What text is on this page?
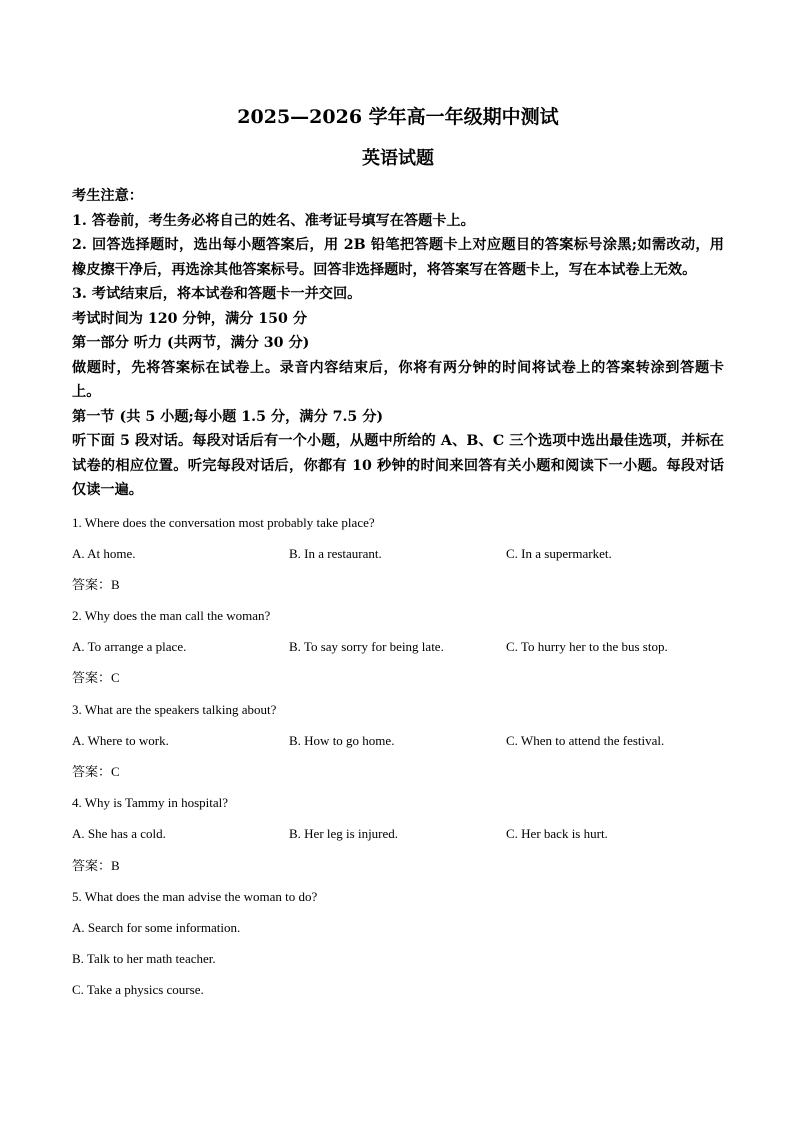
2025—2026 学年高一年级期中测试
英语试题

考生注意：

1. 答卷前，考生务必将自己的姓名、准考证号填写在答题卡上。

2. 回答选择题时，选出每小题答案后，用 2B 铅笔把答题卡上对应题目的答案标号涂黑;如需改动，用橡皮擦干净后，再选涂其他答案标号。回答非选择题时，将答案写在答题卡上，写在本试卷上无效。

3. 考试结束后，将本试卷和答题卡一并交回。

考试时间为 120 分钟，满分 150 分

第一部分 听力 (共两节，满分 30 分)

做题时，先将答案标在试卷上。录音内容结束后，你将有两分钟的时间将试卷上的答案转涂到答题卡上。

第一节 (共 5 小题;每小题 1.5 分，满分 7.5 分)

听下面 5 段对话。每段对话后有一个小题，从题中所给的 A、B、C 三个选项中选出最佳选项，并标在试卷的相应位置。听完每段对话后，你都有 10 秒钟的时间来回答有关小题和阅读下一小题。每段对话仅读一遍。

1. Where does the conversation most probably take place?
A. At home.	B. In a restaurant.	C. In a supermarket.
答案：B
2. Why does the man call the woman?
A. To arrange a place.	B. To say sorry for being late.	C. To hurry her to the bus stop.
答案：C
3. What are the speakers talking about?
A. Where to work.	B. How to go home.	C. When to attend the festival.
答案：C
4. Why is Tammy in hospital?
A. She has a cold.	B. Her leg is injured.	C. Her back is hurt.
答案：B
5. What does the man advise the woman to do?
A. Search for some information.
B. Talk to her math teacher.
C. Take a physics course.
